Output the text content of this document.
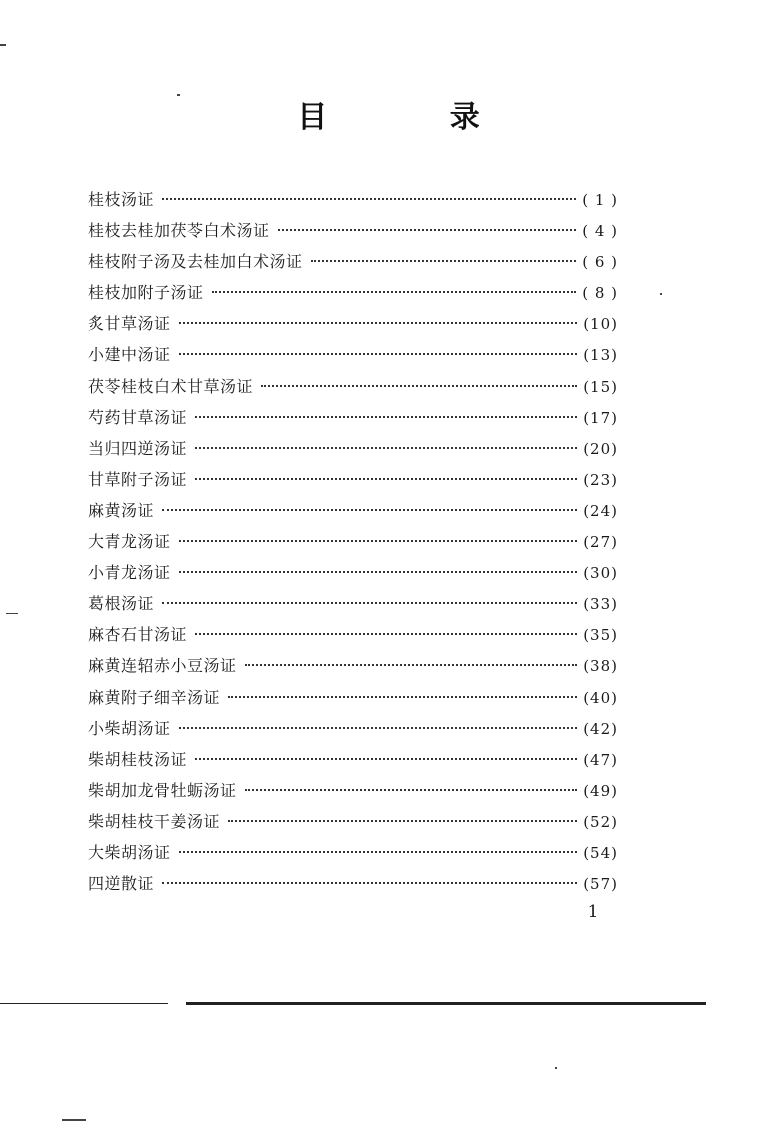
目 录
桂枝汤证	( 1 )
桂枝去桂加茯苓白术汤证	( 4 )
桂枝附子汤及去桂加白术汤证	( 6 )
桂枝加附子汤证	( 8 )
炙甘草汤证	(10)
小建中汤证	(13)
茯苓桂枝白术甘草汤证	(15)
芍药甘草汤证	(17)
当归四逆汤证	(20)
甘草附子汤证	(23)
麻黄汤证	(24)
大青龙汤证	(27)
小青龙汤证	(30)
葛根汤证	(33)
麻杏石甘汤证	(35)
麻黄连轺赤小豆汤证	(38)
麻黄附子细辛汤证	(40)
小柴胡汤证	(42)
柴胡桂枝汤证	(47)
柴胡加龙骨牡蛎汤证	(49)
柴胡桂枝干姜汤证	(52)
大柴胡汤证	(54)
四逆散证	(57)
1
